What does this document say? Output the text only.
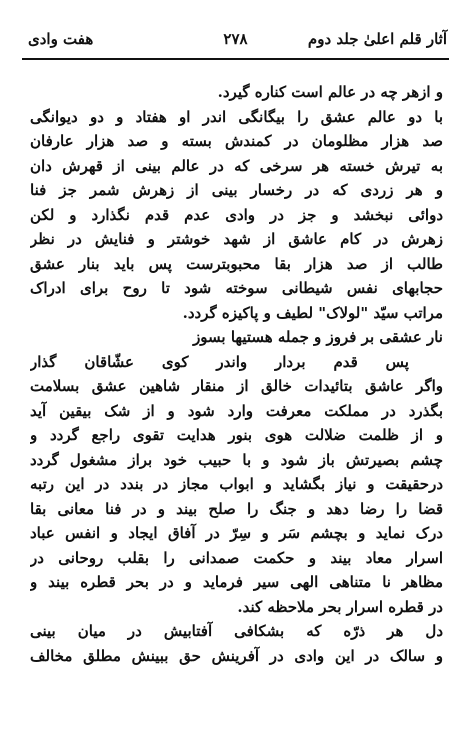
آثار قلم اعلیٰ جلد دوم
۲۷۸
هفت وادی
و ازهر چه در عالم است کناره گیرد.
با دو عالم عشق را بیگانگی اندر او هفتاد و دو دیوانگی
صد هزار مظلومان در کمندش بسته و صد هزار عارفان
به تیرش خسته هر سرخی که در عالم بینی از قهرش دان
و هر زردی که در رخسار بینی از زهرش شمر جز فنا
دوائی نبخشد و جز در وادی عدم قدم نگذارد و لکن
زهرش در کام عاشق از شهد خوشتر و فنایش در نظر
طالب از صد هزار بقا محبوبترست پس باید بنار عشق
حجابهای نفس شیطانی سوخته شود تا روح برای ادراک
مراتب سیّد "لولاک" لطیف و پاکیزه گردد.
نار عشقی بر فروز و جمله هستیها بسوز
پس قدم بردار واندر کوی عشّاقان گذار
واگر عاشق بتائیدات خالق از منقار شاهین عشق بسلامت
بگذرد در مملکت معرفت وارد شود و از شک بیقین آید
و از ظلمت ضلالت هوی بنور هدایت تقوی راجع گردد و
چشم بصیرتش باز شود و با حبیب خود براز مشغول گردد
درحقیقت و نیاز بگشاید و ابواب مجاز در بندد در این رتبه
قضا را رضا دهد و جنگ را صلح بیند و در فنا معانی بقا
درک نماید و بچشم سَر و سِرّ در آفاق ایجاد و انفس عباد
اسرار معاد بیند و حکمت صمدانی را بقلب روحانی در
مظاهر نا متناهی الهی سیر فرماید و در بحر قطره بیند و
در قطره اسرار بحر ملاحظه کند.
دل هر ذرّه که بشکافی آفتابیش در میان بینی
و سالک در این وادی در آفرینش حق ببینش مطلق مخالف
